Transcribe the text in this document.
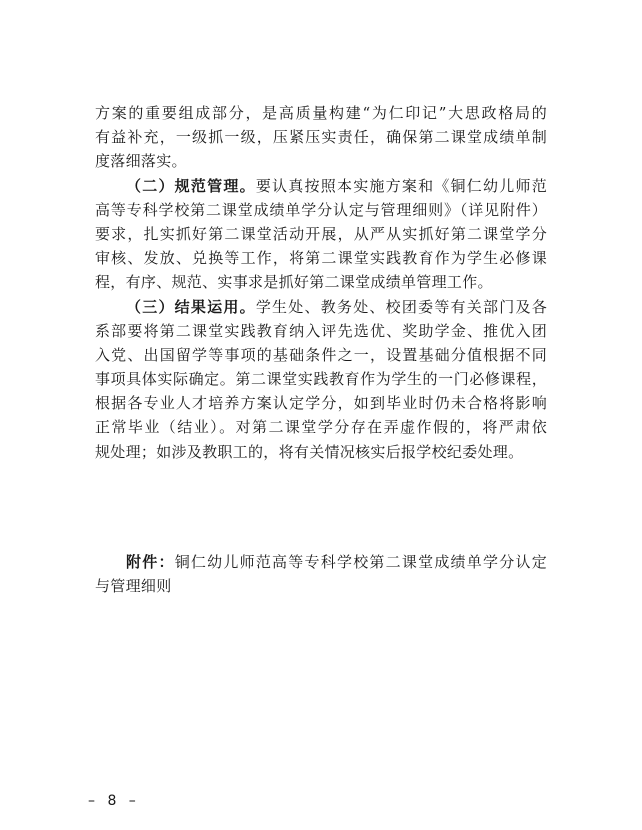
方案的重要组成部分，是高质量构建“为仁印记”大思政格局的
有益补充，一级抓一级，压紧压实责任，确保第二课堂成绩单制
度落细落实。
（二）规范管理。要认真按照本实施方案和《铜仁幼儿师范
高等专科学校第二课堂成绩单学分认定与管理细则》（详见附件）
要求，扎实抓好第二课堂活动开展，从严从实抓好第二课堂学分
审核、发放、兑换等工作，将第二课堂实践教育作为学生必修课
程，有序、规范、实事求是抓好第二课堂成绩单管理工作。
（三）结果运用。学生处、教务处、校团委等有关部门及各
系部要将第二课堂实践教育纳入评先选优、奖助学金、推优入团
入党、出国留学等事项的基础条件之一，设置基础分值根据不同
事项具体实际确定。第二课堂实践教育作为学生的一门必修课程，
根据各专业人才培养方案认定学分，如到毕业时仍未合格将影响
正常毕业（结业）。对第二课堂学分存在弄虚作假的，将严肃依
规处理；如涉及教职工的，将有关情况核实后报学校纪委处理。
附件：铜仁幼儿师范高等专科学校第二课堂成绩单学分认定
与管理细则
– 8 –
